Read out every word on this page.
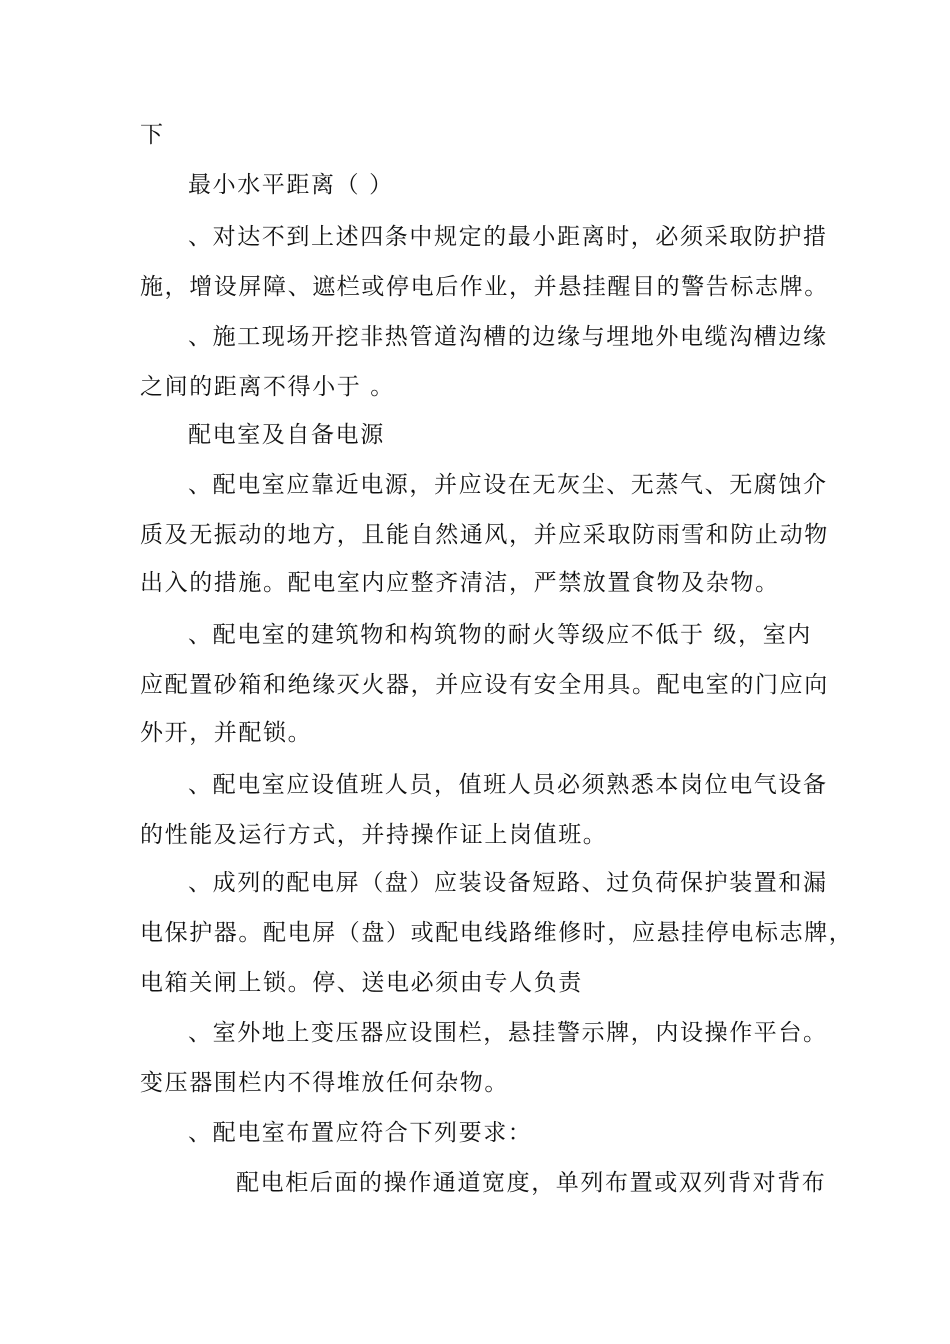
下
最小水平距离（ ）
、对达不到上述四条中规定的最小距离时，必须采取防护措
施，增设屏障、遮栏或停电后作业，并悬挂醒目的警告标志牌。
、施工现场开挖非热管道沟槽的边缘与埋地外电缆沟槽边缘
之间的距离不得小于 。
配电室及自备电源
、配电室应靠近电源，并应设在无灰尘、无蒸气、无腐蚀介
质及无振动的地方，且能自然通风，并应采取防雨雪和防止动物
出入的措施。配电室内应整齐清洁，严禁放置食物及杂物。
、配电室的建筑物和构筑物的耐火等级应不低于 级，室内
应配置砂箱和绝缘灭火器，并应设有安全用具。配电室的门应向
外开，并配锁。
、配电室应设值班人员，值班人员必须熟悉本岗位电气设备
的性能及运行方式，并持操作证上岗值班。
、成列的配电屏（盘）应装设备短路、过负荷保护装置和漏
电保护器。配电屏（盘）或配电线路维修时，应悬挂停电标志牌，
电箱关闸上锁。停、送电必须由专人负责
、室外地上变压器应设围栏，悬挂警示牌，内设操作平台。
变压器围栏内不得堆放任何杂物。
、配电室布置应符合下列要求：
配电柜后面的操作通道宽度，单列布置或双列背对背布
